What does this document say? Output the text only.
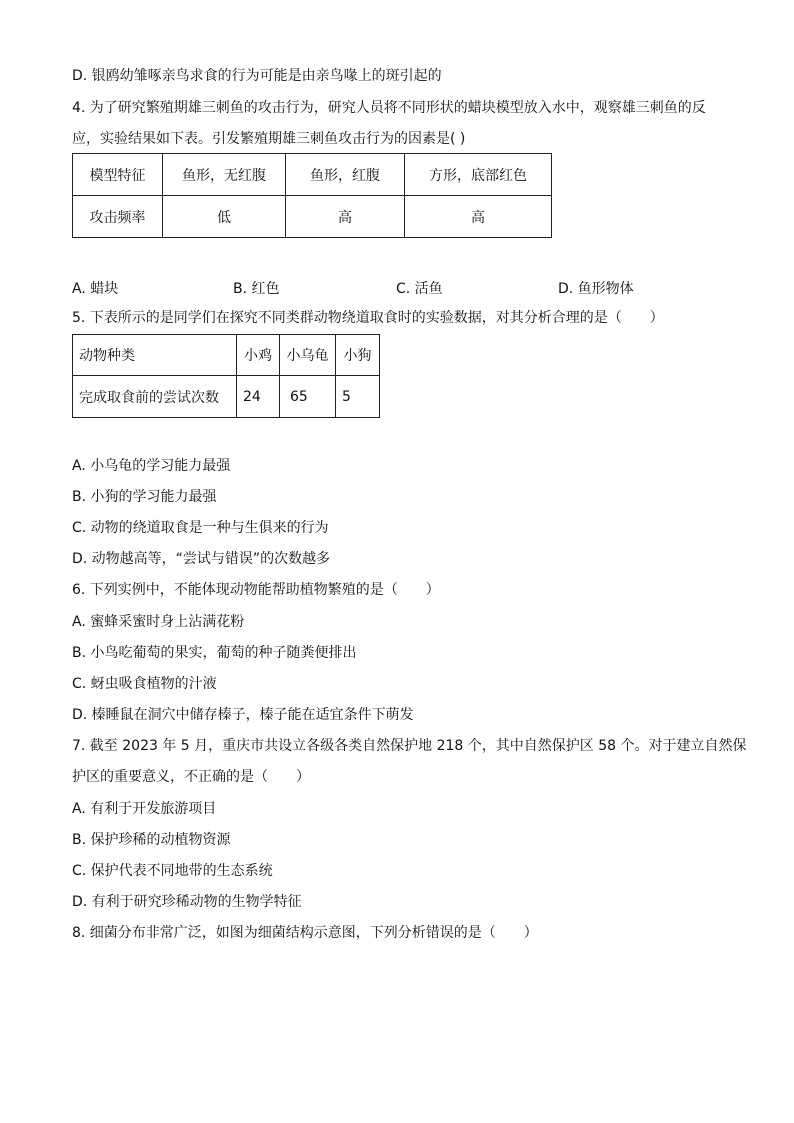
D. 银鸥幼雏啄亲鸟求食的行为可能是由亲鸟喙上的斑引起的
4. 为了研究繁殖期雄三刺鱼的攻击行为，研究人员将不同形状的蜡块模型放入水中，观察雄三刺鱼的反
应，实验结果如下表。引发繁殖期雄三刺鱼攻击行为的因素是( )
模型特征	鱼形，无红腹	鱼形，红腹	方形，底部红色
攻击频率	低	高	高
A. 蜡块	B. 红色	C. 活鱼	D. 鱼形物体
5. 下表所示的是同学们在探究不同类群动物绕道取食时的实验数据，对其分析合理的是（　　）
动物种类	小鸡	小乌龟	小狗
完成取食前的尝试次数	24	65	5
A. 小乌龟的学习能力最强
B. 小狗的学习能力最强
C. 动物的绕道取食是一种与生俱来的行为
D. 动物越高等，“尝试与错误”的次数越多
6. 下列实例中，不能体现动物能帮助植物繁殖的是（　　）
A. 蜜蜂采蜜时身上沾满花粉
B. 小鸟吃葡萄的果实，葡萄的种子随粪便排出
C. 蚜虫吸食植物的汁液
D. 榛睡鼠在洞穴中储存榛子，榛子能在适宜条件下萌发
7. 截至 2023 年 5 月，重庆市共设立各级各类自然保护地 218 个，其中自然保护区 58 个。对于建立自然保
护区的重要意义，不正确的是（　　）
A. 有利于开发旅游项目
B. 保护珍稀的动植物资源
C. 保护代表不同地带的生态系统
D. 有利于研究珍稀动物的生物学特征
8. 细菌分布非常广泛，如图为细菌结构示意图，下列分析错误的是（　　）
